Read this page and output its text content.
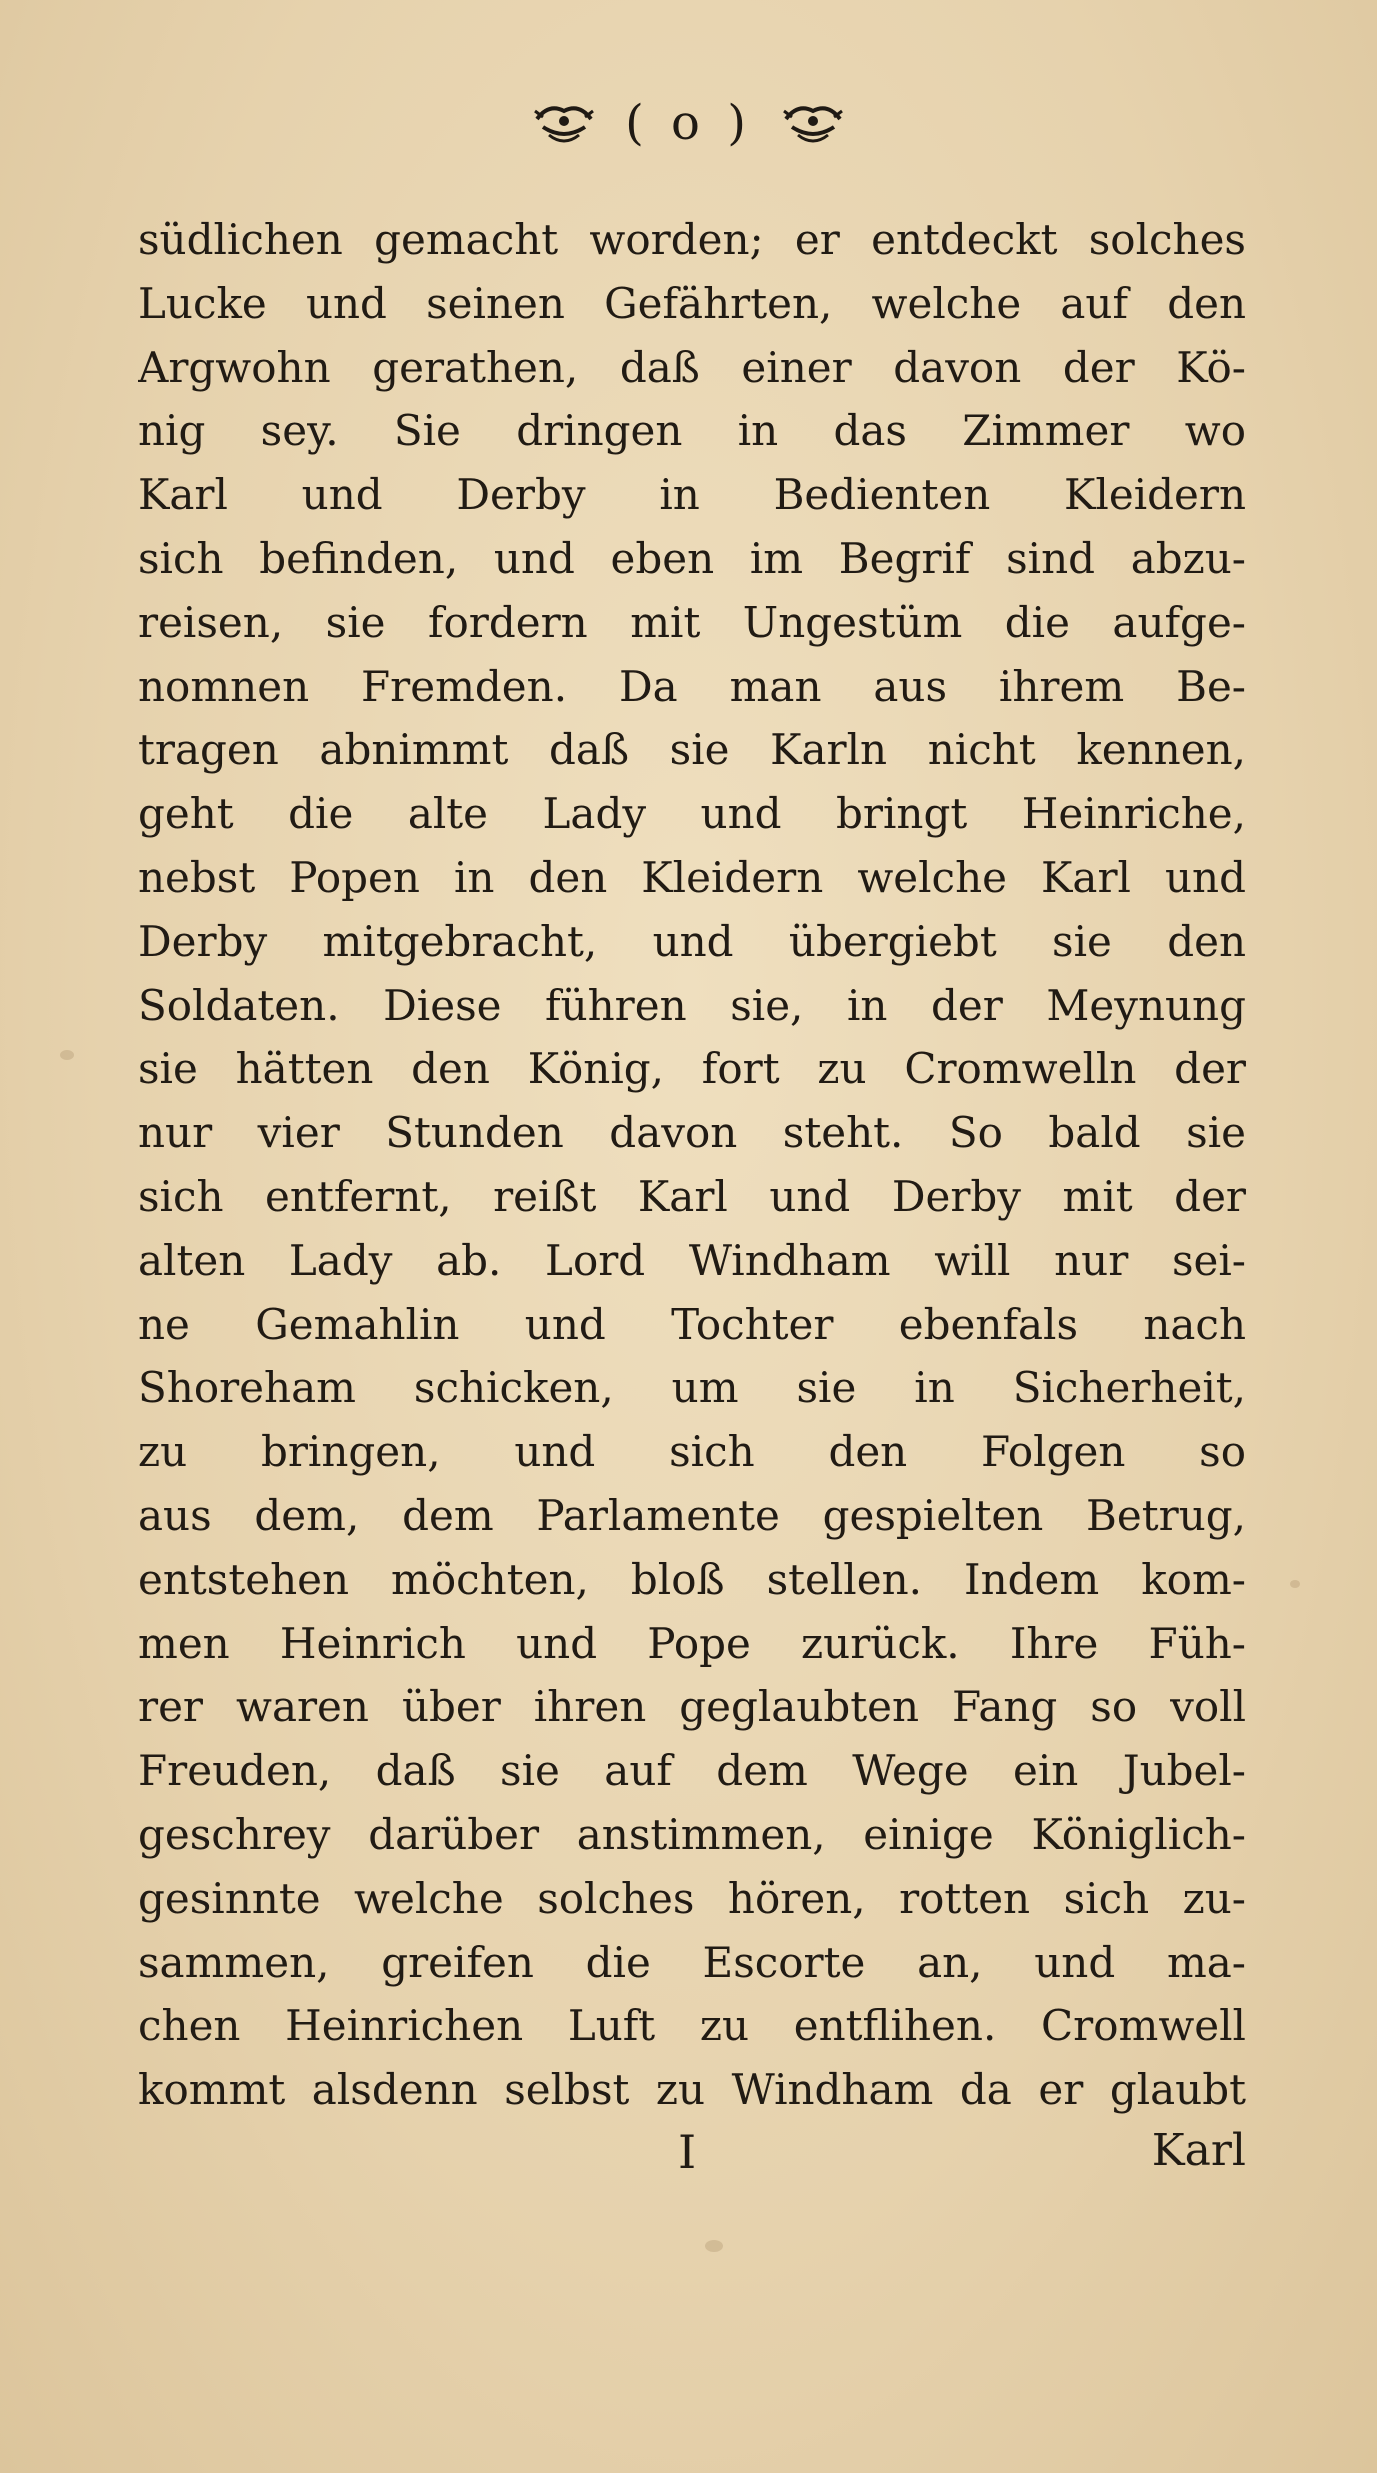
( o )
südlichen gemacht worden; er entdeckt solches
Lucke und seinen Gefährten, welche auf den
Argwohn gerathen, daß einer davon der Kö-
nig sey. Sie dringen in das Zimmer wo
Karl und Derby in Bedienten Kleidern
sich befinden, und eben im Begrif sind abzu-
reisen, sie fordern mit Ungestüm die aufge-
nomnen Fremden. Da man aus ihrem Be-
tragen abnimmt daß sie Karln nicht kennen,
geht die alte Lady und bringt Heinriche,
nebst Popen in den Kleidern welche Karl und
Derby mitgebracht, und übergiebt sie den
Soldaten. Diese führen sie, in der Meynung
sie hätten den König, fort zu Cromwelln der
nur vier Stunden davon steht. So bald sie
sich entfernt, reißt Karl und Derby mit der
alten Lady ab. Lord Windham will nur sei-
ne Gemahlin und Tochter ebenfals nach
Shoreham schicken, um sie in Sicherheit,
zu bringen, und sich den Folgen so
aus dem, dem Parlamente gespielten Betrug,
entstehen möchten, bloß stellen. Indem kom-
men Heinrich und Pope zurück. Ihre Füh-
rer waren über ihren geglaubten Fang so voll
Freuden, daß sie auf dem Wege ein Jubel-
geschrey darüber anstimmen, einige Königlich-
gesinnte welche solches hören, rotten sich zu-
sammen, greifen die Escorte an, und ma-
chen Heinrichen Luft zu entflihen. Cromwell
kommt alsdenn selbst zu Windham da er glaubt
I	Karl
